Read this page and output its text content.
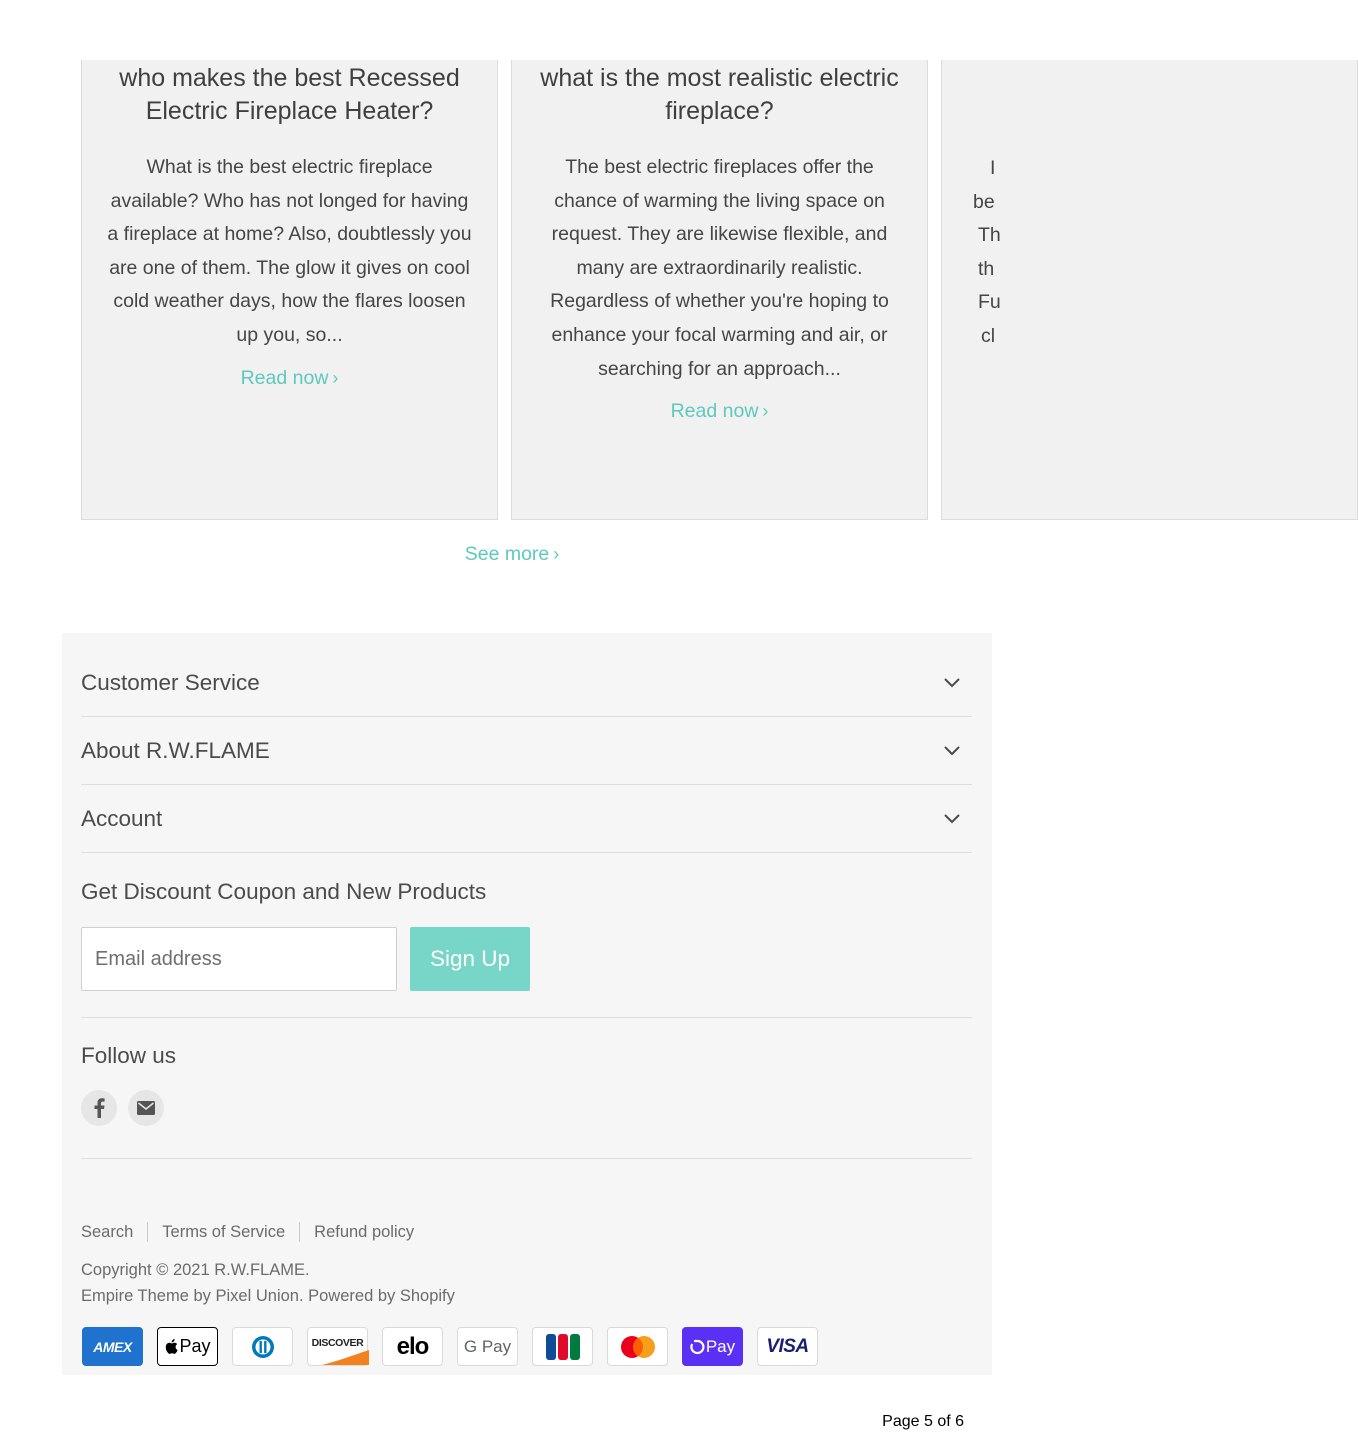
who makes the best Recessed Electric Fireplace Heater?

What is the best electric fireplace available? Who has not longed for having a fireplace at home? Also, doubtlessly you are one of them. The glow it gives on cool cold weather days, how the flares loosen up you, so...

Read now ›
what is the most realistic electric fireplace?

The best electric fireplaces offer the chance of warming the living space on request. They are likewise flexible, and many are extraordinarily realistic. Regardless of whether you're hoping to enhance your focal warming and air, or searching for an approach...

Read now ›
I
be
Th
th
Fu
cl
See more ›
Customer Service
About R.W.FLAME
Account
Get Discount Coupon and New Products
Email address
Sign Up
Follow us
Search Terms of Service Refund policy
Copyright © 2021 R.W.FLAME.
Empire Theme by Pixel Union. Powered by Shopify
AMEX	Pay	DISCOVER elo G Pay	Pay VISA
Page 5 of 6
